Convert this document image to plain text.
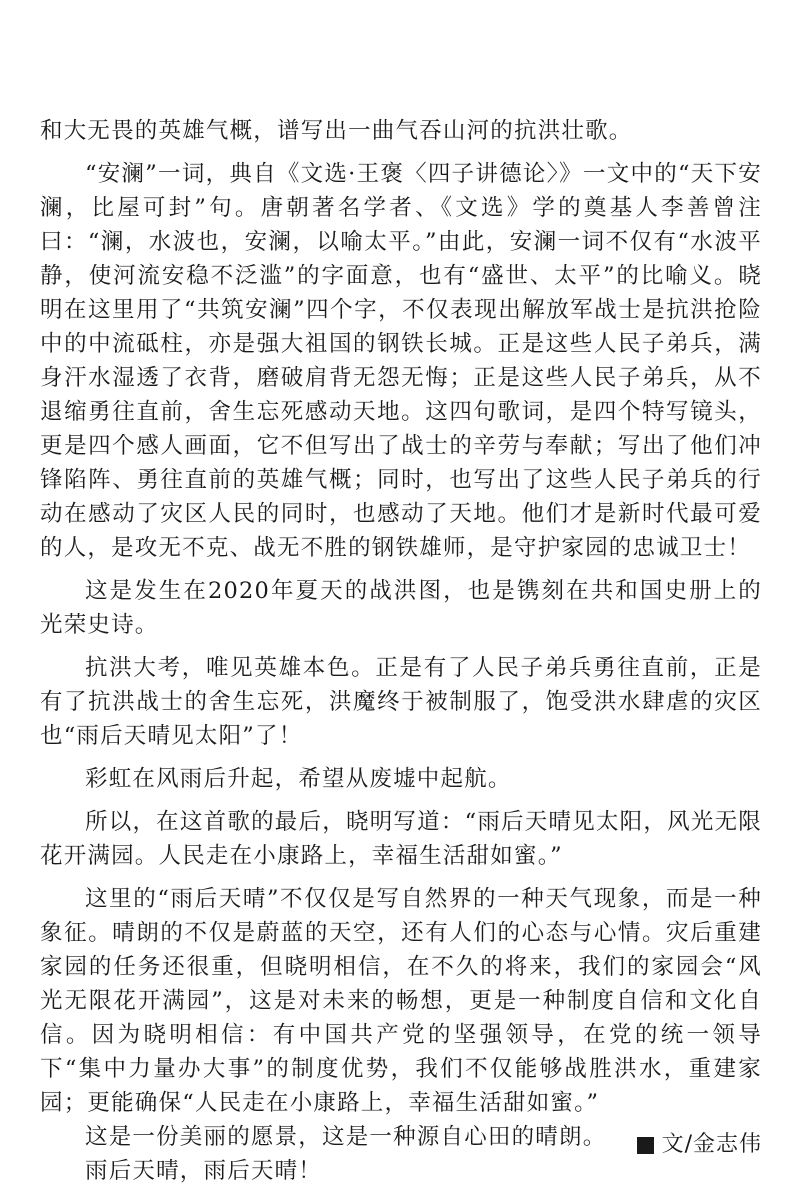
和大无畏的英雄气概，谱写出一曲气吞山河的抗洪壮歌。

“安澜”一词，典自《文选·王褒〈四子讲德论〉》一文中的“天下安澜，比屋可封”句。唐朝著名学者、《文选》学的奠基人李善曾注曰：“澜，水波也，安澜，以喻太平。”由此，安澜一词不仅有“水波平静，使河流安稳不泛滥”的字面意，也有“盛世、太平”的比喻义。晓明在这里用了“共筑安澜”四个字，不仅表现出解放军战士是抗洪抢险中的中流砥柱，亦是强大祖国的钢铁长城。正是这些人民子弟兵，满身汗水湿透了衣背，磨破肩背无怨无悔；正是这些人民子弟兵，从不退缩勇往直前，舍生忘死感动天地。这四句歌词，是四个特写镜头，更是四个感人画面，它不但写出了战士的辛劳与奉献；写出了他们冲锋陷阵、勇往直前的英雄气概；同时，也写出了这些人民子弟兵的行动在感动了灾区人民的同时，也感动了天地。他们才是新时代最可爱的人，是攻无不克、战无不胜的钢铁雄师，是守护家园的忠诚卫士！

这是发生在2020年夏天的战洪图，也是镌刻在共和国史册上的光荣史诗。

抗洪大考，唯见英雄本色。正是有了人民子弟兵勇往直前，正是有了抗洪战士的舍生忘死，洪魔终于被制服了，饱受洪水肆虐的灾区也“雨后天晴见太阳”了！

彩虹在风雨后升起，希望从废墟中起航。

所以，在这首歌的最后，晓明写道：“雨后天晴见太阳，风光无限花开满园。人民走在小康路上，幸福生活甜如蜜。”

这里的“雨后天晴”不仅仅是写自然界的一种天气现象，而是一种象征。晴朗的不仅是蔚蓝的天空，还有人们的心态与心情。灾后重建家园的任务还很重，但晓明相信，在不久的将来，我们的家园会“风光无限花开满园”，这是对未来的畅想，更是一种制度自信和文化自信。因为晓明相信：有中国共产党的坚强领导，在党的统一领导下“集中力量办大事”的制度优势，我们不仅能够战胜洪水，重建家园；更能确保“人民走在小康路上，幸福生活甜如蜜。”

这是一份美丽的愿景，这是一种源自心田的晴朗。

雨后天晴，雨后天晴！

文/金志伟
